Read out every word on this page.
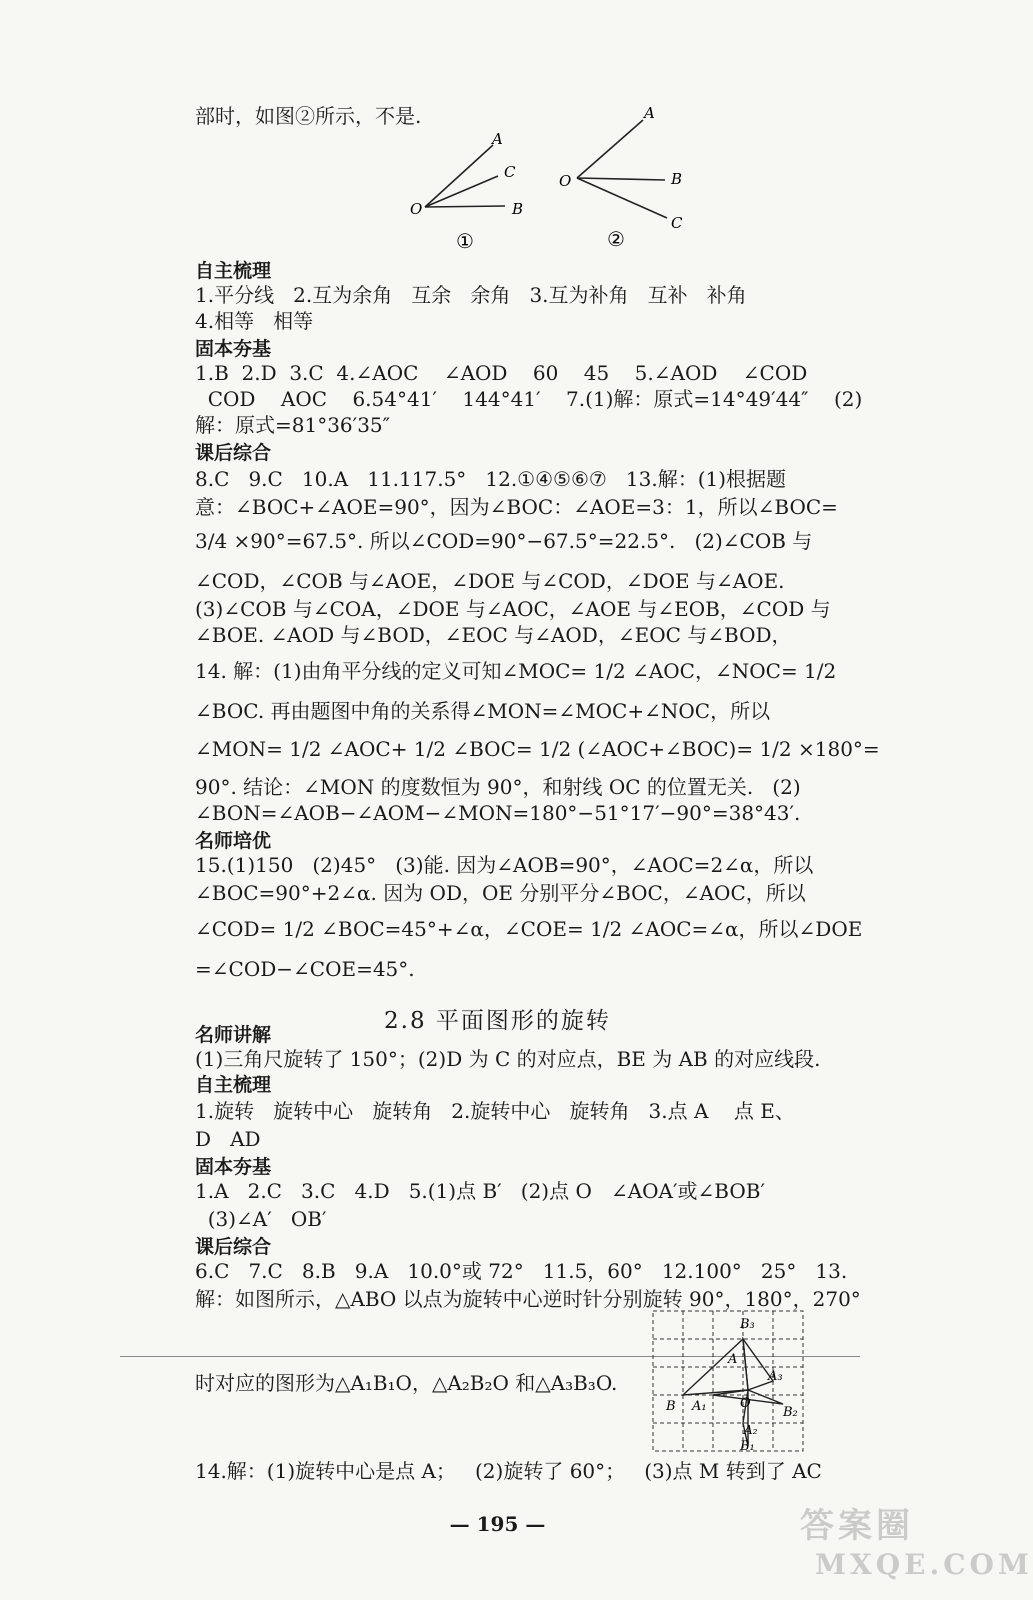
部时，如图②所示，不是.
A
C
O	B
①
A
O	B
C
②
自主梳理
1.平分线   2.互为余角   互余   余角   3.互为补角   互补   补角
4.相等   相等
固本夯基
1.B  2.D  3.C  4.∠AOC    ∠AOD    60    45    5.∠AOD    ∠COD
COD    AOC    6.54°41′    144°41′    7.(1)解：原式=14°49′44″    (2)
解：原式=81°36′35″
课后综合
8.C   9.C   10.A   11.117.5°   12.①④⑤⑥⑦   13.解：(1)根据题
意：∠BOC+∠AOE=90°，因为∠BOC：∠AOE=3：1，所以∠BOC=
3/4 ×90°=67.5°. 所以∠COD=90°−67.5°=22.5°.   (2)∠COB 与
∠COD，∠COB 与∠AOE，∠DOE 与∠COD，∠DOE 与∠AOE.
(3)∠COB 与∠COA，∠DOE 与∠AOC，∠AOE 与∠EOB，∠COD 与
∠BOE. ∠AOD 与∠BOD，∠EOC 与∠AOD，∠EOC 与∠BOD，
14. 解：(1)由角平分线的定义可知∠MOC= 1/2 ∠AOC，∠NOC= 1/2
∠BOC. 再由题图中角的关系得∠MON=∠MOC+∠NOC，所以
∠MON= 1/2 ∠AOC+ 1/2 ∠BOC= 1/2 (∠AOC+∠BOC)= 1/2 ×180°=
90°. 结论：∠MON 的度数恒为 90°，和射线 OC 的位置无关.   (2)
∠BON=∠AOB−∠AOM−∠MON=180°−51°17′−90°=38°43′.
名师培优
15.(1)150   (2)45°   (3)能. 因为∠AOB=90°，∠AOC=2∠α，所以
∠BOC=90°+2∠α. 因为 OD，OE 分别平分∠BOC，∠AOC，所以
∠COD= 1/2 ∠BOC=45°+∠α，∠COE= 1/2 ∠AOC=∠α，所以∠DOE
=∠COD−∠COE=45°.
2.8 平面图形的旋转
名师讲解
(1)三角尺旋转了 150°；(2)D 为 C 的对应点，BE 为 AB 的对应线段.
自主梳理
1.旋转   旋转中心   旋转角   2.旋转中心   旋转角   3.点 A    点 E、
D   AD
固本夯基
1.A   2.C   3.C   4.D   5.(1)点 B′   (2)点 O   ∠AOA′或∠BOB′
(3)∠A′   OB′
课后综合
6.C   7.C   8.B   9.A   10.0°或 72°   11.5，60°   12.100°   25°   13.
解：如图所示，△ABO 以点为旋转中心逆时针分别旋转 90°，180°，270°
时对应的图形为△A₁B₁O，△A₂B₂O 和△A₃B₃O.
B₃
A
A₃
B A₁	O
B₂
A₂
B₁
14.解：(1)旋转中心是点 A；   (2)旋转了 60°；   (3)点 M 转到了 AC
— 195 —	答案圈
MXQE.COM
